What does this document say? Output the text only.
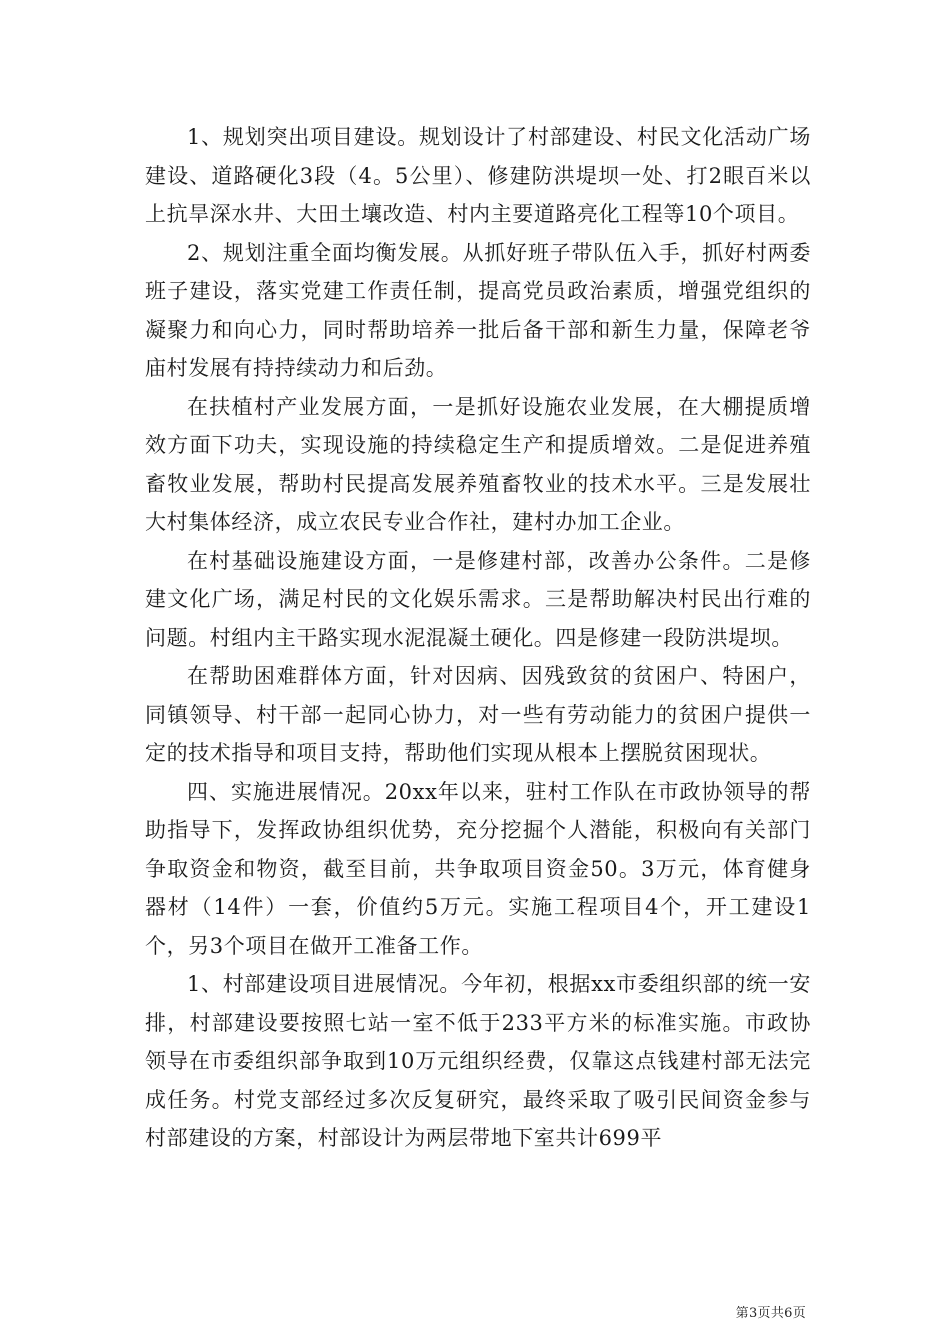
1、规划突出项目建设。规划设计了村部建设、村民文化活动广场建设、道路硬化3段（4。5公里）、修建防洪堤坝一处、打2眼百米以上抗旱深水井、大田土壤改造、村内主要道路亮化工程等10个项目。

2、规划注重全面均衡发展。从抓好班子带队伍入手，抓好村两委班子建设，落实党建工作责任制，提高党员政治素质，增强党组织的凝聚力和向心力，同时帮助培养一批后备干部和新生力量，保障老爷庙村发展有持持续动力和后劲。

在扶植村产业发展方面，一是抓好设施农业发展，在大棚提质增效方面下功夫，实现设施的持续稳定生产和提质增效。二是促进养殖畜牧业发展，帮助村民提高发展养殖畜牧业的技术水平。三是发展壮大村集体经济，成立农民专业合作社，建村办加工企业。

在村基础设施建设方面，一是修建村部，改善办公条件。二是修建文化广场，满足村民的文化娱乐需求。三是帮助解决村民出行难的问题。村组内主干路实现水泥混凝土硬化。四是修建一段防洪堤坝。

在帮助困难群体方面，针对因病、因残致贫的贫困户、特困户，同镇领导、村干部一起同心协力，对一些有劳动能力的贫困户提供一定的技术指导和项目支持，帮助他们实现从根本上摆脱贫困现状。

四、实施进展情况。20xx年以来，驻村工作队在市政协领导的帮助指导下，发挥政协组织优势，充分挖掘个人潜能，积极向有关部门争取资金和物资，截至目前，共争取项目资金50。3万元，体育健身器材（14件）一套，价值约5万元。实施工程项目4个，开工建设1个，另3个项目在做开工准备工作。

1、村部建设项目进展情况。今年初，根据xx市委组织部的统一安排，村部建设要按照七站一室不低于233平方米的标准实施。市政协领导在市委组织部争取到10万元组织经费，仅靠这点钱建村部无法完成任务。村党支部经过多次反复研究，最终采取了吸引民间资金参与村部建设的方案，村部设计为两层带地下室共计699平

第3页共6页
